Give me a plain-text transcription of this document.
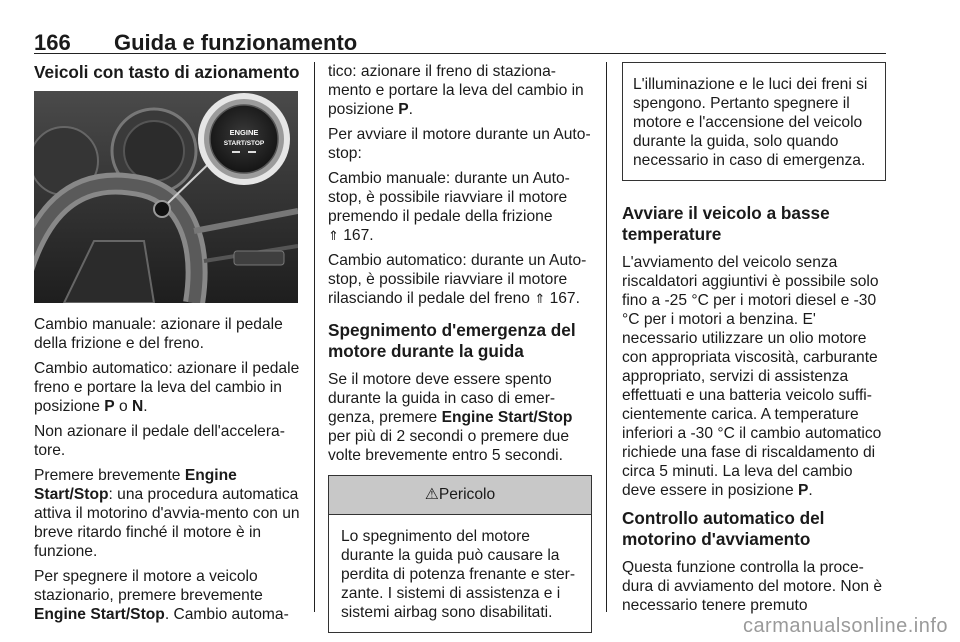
166 Guida e funzionamento
Veicoli con tasto di azionamento
ENGINE
START/STOP

Cambio manuale: azionare il pedale della frizione e del freno.

Cambio automatico: azionare il pedale freno e portare la leva del cambio in posizione P o N.

Non azionare il pedale dell'accelera-tore.

Premere brevemente Engine Start/Stop: una procedura automatica attiva il motorino d'avvia-mento con un breve ritardo finché il motore è in funzione.

Per spegnere il motore a veicolo stazionario, premere brevemente Engine Start/Stop. Cambio automa-

tico: azionare il freno di staziona-mento e portare la leva del cambio in posizione P.

Per avviare il motore durante un Auto-stop:

Cambio manuale: durante un Auto-stop, è possibile riavviare il motore premendo il pedale della frizione
⇑ 167.

Cambio automatico: durante un Auto-stop, è possibile riavviare il motore rilasciando il pedale del freno ⇑ 167.

Spegnimento d'emergenza del motore durante la guida

Se il motore deve essere spento durante la guida in caso di emer-genza, premere Engine Start/Stop per più di 2 secondi o premere due volte brevemente entro 5 secondi.

⚠Pericolo
Lo spegnimento del motore durante la guida può causare la perdita di potenza frenante e ster-zante. I sistemi di assistenza e i sistemi airbag sono disabilitati.
L'illuminazione e le luci dei freni si spengono. Pertanto spegnere il motore e l'accensione del veicolo durante la guida, solo quando necessario in caso di emergenza.
Avviare il veicolo a basse temperature

L'avviamento del veicolo senza riscaldatori aggiuntivi è possibile solo fino a -25 °C per i motori diesel e -30 °C per i motori a benzina. E' necessario utilizzare un olio motore con appropriata viscosità, carburante appropriato, servizi di assistenza effettuati e una batteria veicolo suffi-cientemente carica. A temperature inferiori a -30 °C il cambio automatico richiede una fase di riscaldamento di circa 5 minuti. La leva del cambio deve essere in posizione P.

Controllo automatico del motorino d'avviamento

Questa funzione controlla la proce-dura di avviamento del motore. Non è necessario tenere premuto

carmanualsonline.info
